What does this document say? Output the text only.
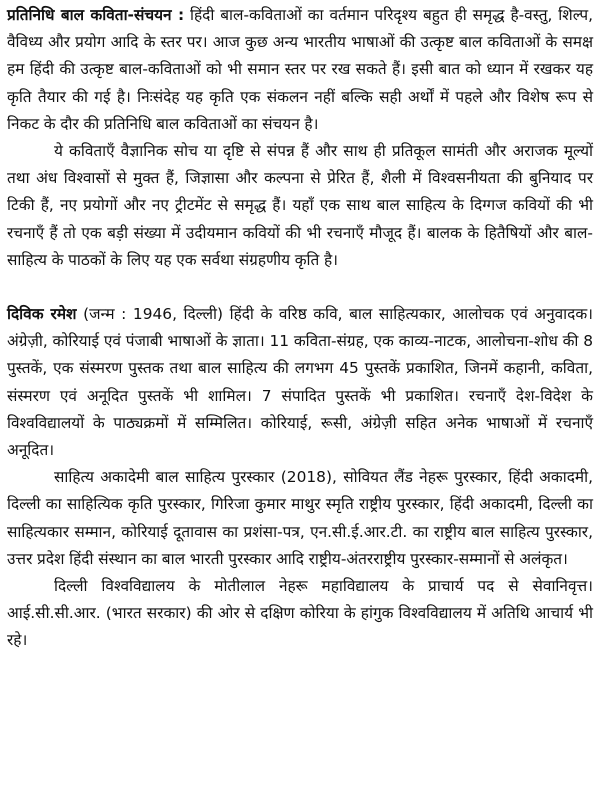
प्रतिनिधि बाल कविता-संचयन : हिंदी बाल-कविताओं का वर्तमान परिदृश्य बहुत ही समृद्ध है-वस्तु, शिल्प, वैविध्य और प्रयोग आदि के स्तर पर। आज कुछ अन्य भारतीय भाषाओं की उत्कृष्ट बाल कविताओं के समक्ष हम हिंदी की उत्कृष्ट बाल-कविताओं को भी समान स्तर पर रख सकते हैं। इसी बात को ध्यान में रखकर यह कृति तैयार की गई है। निःसंदेह यह कृति एक संकलन नहीं बल्कि सही अर्थों में पहले और विशेष रूप से निकट के दौर की प्रतिनिधि बाल कविताओं का संचयन है।

ये कविताएँ वैज्ञानिक सोच या दृष्टि से संपन्न हैं और साथ ही प्रतिकूल सामंती और अराजक मूल्यों तथा अंध विश्वासों से मुक्त हैं, जिज्ञासा और कल्पना से प्रेरित हैं, शैली में विश्वसनीयता की बुनियाद पर टिकी हैं, नए प्रयोगों और नए ट्रीटमेंट से समृद्ध हैं। यहाँ एक साथ बाल साहित्य के दिग्गज कवियों की भी रचनाएँ हैं तो एक बड़ी संख्या में उदीयमान कवियों की भी रचनाएँ मौजूद हैं। बालक के हितैषियों और बाल-साहित्य के पाठकों के लिए यह एक सर्वथा संग्रहणीय कृति है।

दिविक रमेश (जन्म : 1946, दिल्ली) हिंदी के वरिष्ठ कवि, बाल साहित्यकार, आलोचक एवं अनुवादक। अंग्रेज़ी, कोरियाई एवं पंजाबी भाषाओं के ज्ञाता। 11 कविता-संग्रह, एक काव्य-नाटक, आलोचना-शोध की 8 पुस्तकें, एक संस्मरण पुस्तक तथा बाल साहित्य की लगभग 45 पुस्तकें प्रकाशित, जिनमें कहानी, कविता, संस्मरण एवं अनूदित पुस्तकें भी शामिल। 7 संपादित पुस्तकें भी प्रकाशित। रचनाएँ देश-विदेश के विश्वविद्यालयों के पाठ्यक्रमों में सम्मिलित। कोरियाई, रूसी, अंग्रेज़ी सहित अनेक भाषाओं में रचनाएँ अनूदित।

साहित्य अकादेमी बाल साहित्य पुरस्कार (2018), सोवियत लैंड नेहरू पुरस्कार, हिंदी अकादमी, दिल्ली का साहित्यिक कृति पुरस्कार, गिरिजा कुमार माथुर स्मृति राष्ट्रीय पुरस्कार, हिंदी अकादमी, दिल्ली का साहित्यकार सम्मान, कोरियाई दूतावास का प्रशंसा-पत्र, एन.सी.ई.आर.टी. का राष्ट्रीय बाल साहित्य पुरस्कार, उत्तर प्रदेश हिंदी संस्थान का बाल भारती पुरस्कार आदि राष्ट्रीय-अंतरराष्ट्रीय पुरस्कार-सम्मानों से अलंकृत।

दिल्ली विश्वविद्यालय के मोतीलाल नेहरू महाविद्यालय के प्राचार्य पद से सेवानिवृत्त। आई.सी.सी.आर. (भारत सरकार) की ओर से दक्षिण कोरिया के हांगुक विश्वविद्यालय में अतिथि आचार्य भी रहे।
